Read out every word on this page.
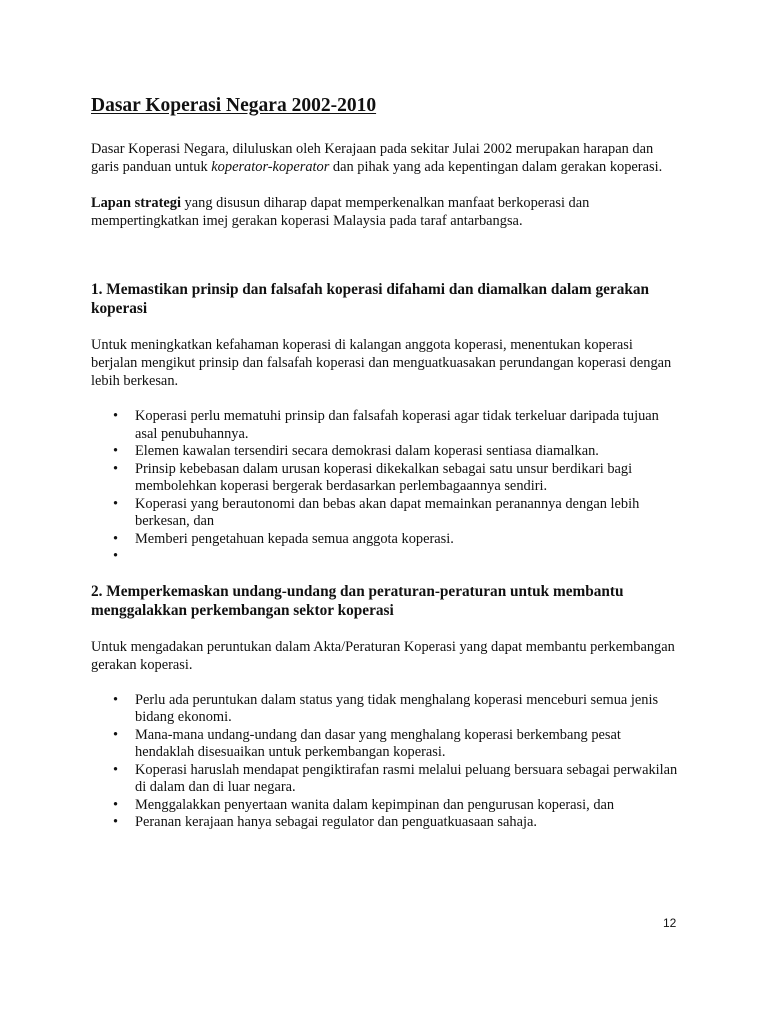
Dasar Koperasi Negara 2002-2010

Dasar Koperasi Negara, diluluskan oleh Kerajaan pada sekitar Julai 2002 merupakan harapan dan garis panduan untuk koperator-koperator dan pihak yang ada kepentingan dalam gerakan koperasi.

Lapan strategi yang disusun diharap dapat memperkenalkan manfaat berkoperasi dan mempertingkatkan imej gerakan koperasi Malaysia pada taraf antarbangsa.

1. Memastikan prinsip dan falsafah koperasi difahami dan diamalkan dalam gerakan koperasi

Untuk meningkatkan kefahaman koperasi di kalangan anggota koperasi, menentukan koperasi berjalan mengikut prinsip dan falsafah koperasi dan menguatkuasakan perundangan koperasi dengan lebih berkesan.

• Koperasi perlu mematuhi prinsip dan falsafah koperasi agar tidak terkeluar daripada tujuan asal penubuhannya.
• Elemen kawalan tersendiri secara demokrasi dalam koperasi sentiasa diamalkan.
• Prinsip kebebasan dalam urusan koperasi dikekalkan sebagai satu unsur berdikari bagi membolehkan koperasi bergerak berdasarkan perlembagaannya sendiri.
• Koperasi yang berautonomi dan bebas akan dapat memainkan peranannya dengan lebih berkesan, dan
• Memberi pengetahuan kepada semua anggota koperasi.
•
2. Memperkemaskan undang-undang dan peraturan-peraturan untuk membantu menggalakkan perkembangan sektor koperasi

Untuk mengadakan peruntukan dalam Akta/Peraturan Koperasi yang dapat membantu perkembangan gerakan koperasi.

• Perlu ada peruntukan dalam status yang tidak menghalang koperasi menceburi semua jenis bidang ekonomi.
• Mana-mana undang-undang dan dasar yang menghalang koperasi berkembang pesat hendaklah disesuaikan untuk perkembangan koperasi.
• Koperasi haruslah mendapat pengiktirafan rasmi melalui peluang bersuara sebagai perwakilan di dalam dan di luar negara.
• Menggalakkan penyertaan wanita dalam kepimpinan dan pengurusan koperasi, dan
• Peranan kerajaan hanya sebagai regulator dan penguatkuasaan sahaja.
12
